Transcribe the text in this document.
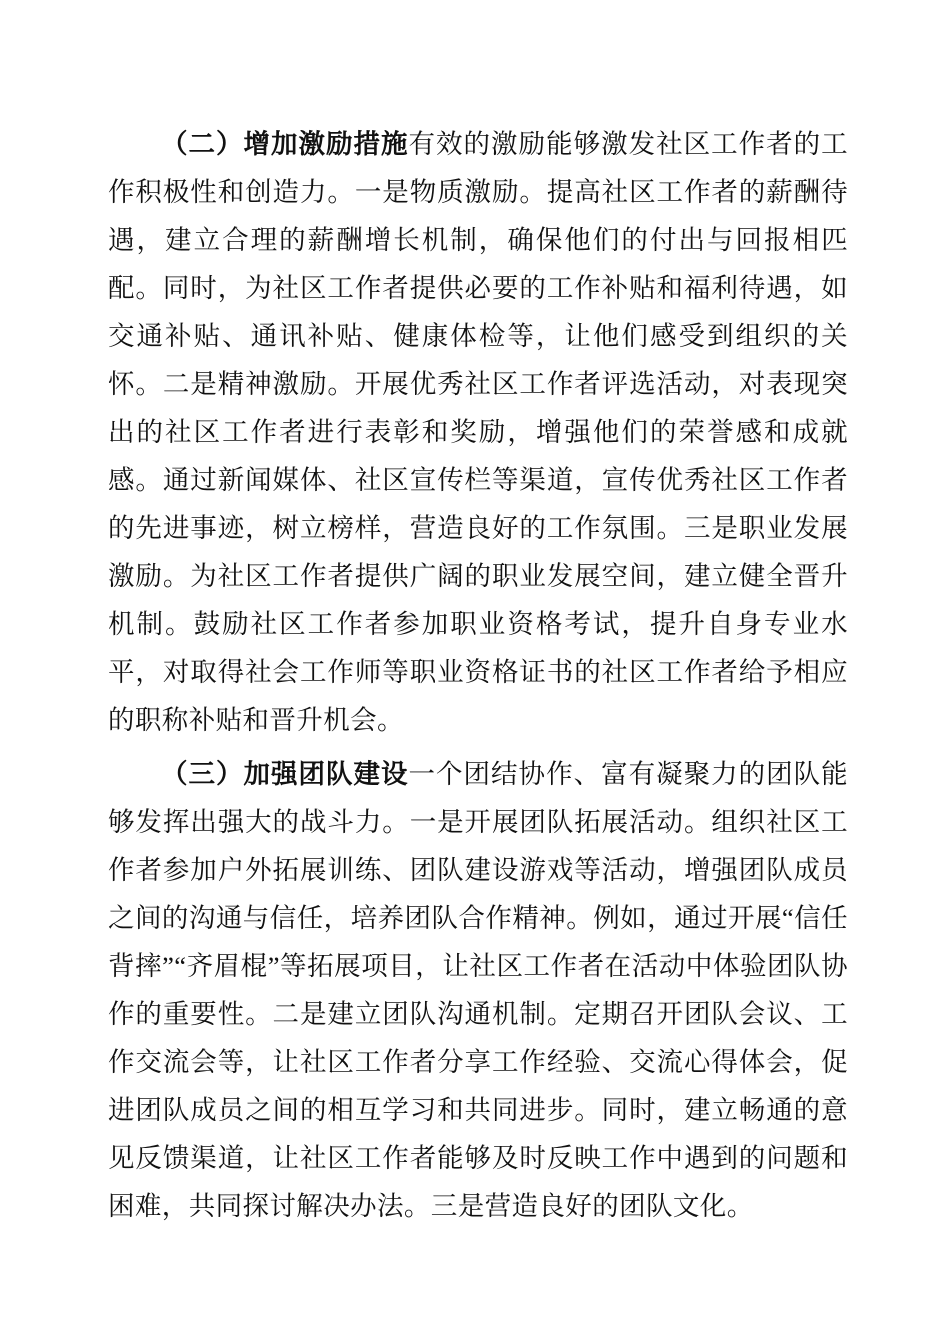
（二）增加激励措施有效的激励能够激发社区工作者的工作积极性和创造力。一是物质激励。提高社区工作者的薪酬待遇，建立合理的薪酬增长机制，确保他们的付出与回报相匹配。同时，为社区工作者提供必要的工作补贴和福利待遇，如交通补贴、通讯补贴、健康体检等，让他们感受到组织的关怀。二是精神激励。开展优秀社区工作者评选活动，对表现突出的社区工作者进行表彰和奖励，增强他们的荣誉感和成就感。通过新闻媒体、社区宣传栏等渠道，宣传优秀社区工作者的先进事迹，树立榜样，营造良好的工作氛围。三是职业发展激励。为社区工作者提供广阔的职业发展空间，建立健全晋升机制。鼓励社区工作者参加职业资格考试，提升自身专业水平，对取得社会工作师等职业资格证书的社区工作者给予相应的职称补贴和晋升机会。

（三）加强团队建设一个团结协作、富有凝聚力的团队能够发挥出强大的战斗力。一是开展团队拓展活动。组织社区工作者参加户外拓展训练、团队建设游戏等活动，增强团队成员之间的沟通与信任，培养团队合作精神。例如，通过开展“信任背摔”“齐眉棍”等拓展项目，让社区工作者在活动中体验团队协作的重要性。二是建立团队沟通机制。定期召开团队会议、工作交流会等，让社区工作者分享工作经验、交流心得体会，促进团队成员之间的相互学习和共同进步。同时，建立畅通的意见反馈渠道，让社区工作者能够及时反映工作中遇到的问题和困难，共同探讨解决办法。三是营造良好的团队文化。
